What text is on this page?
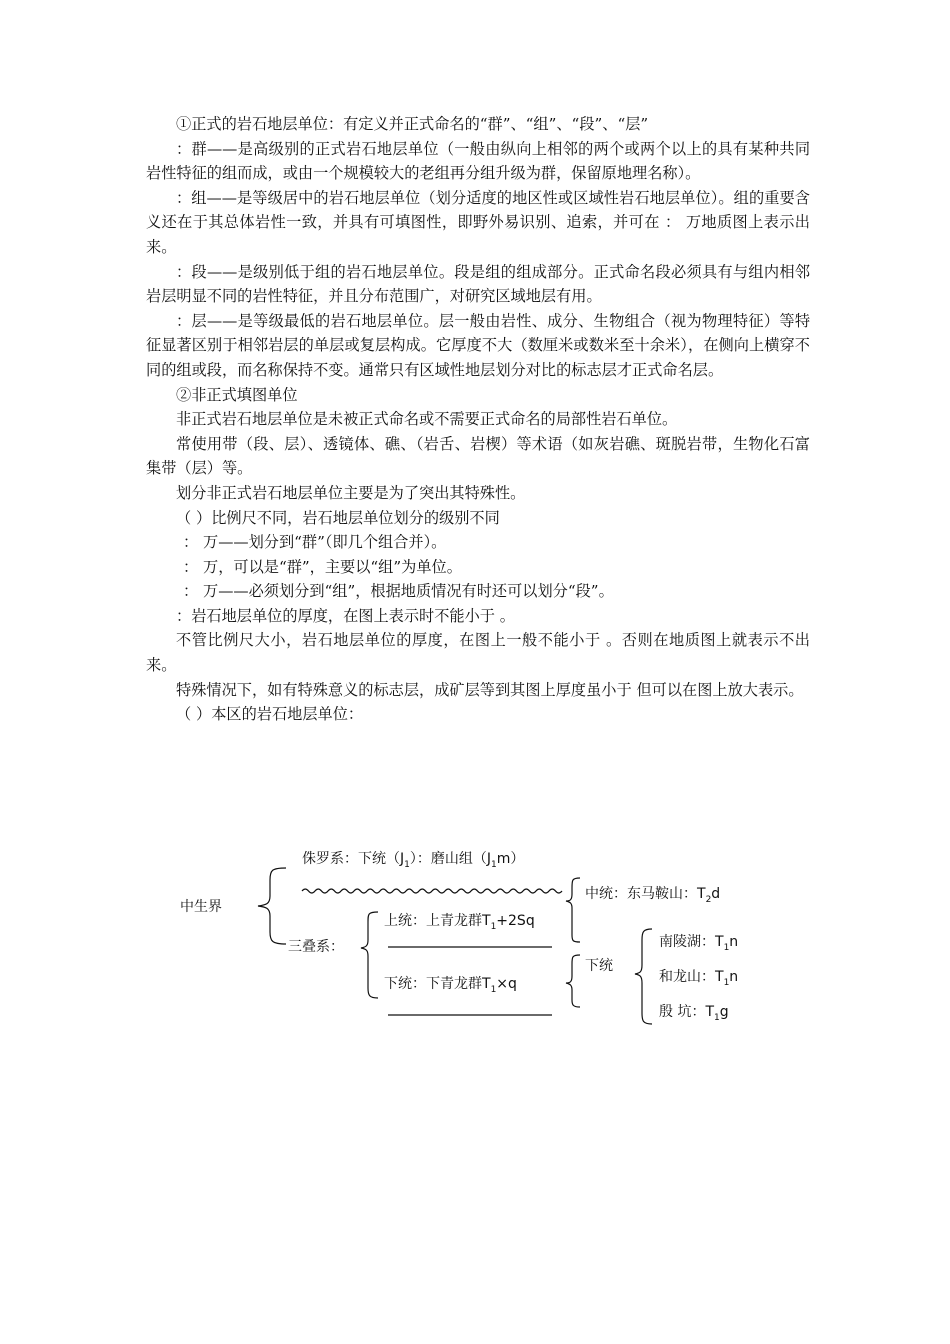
①正式的岩石地层单位：有定义并正式命名的“群”、“组”、“段”、“层”

：群——是高级别的正式岩石地层单位（一般由纵向上相邻的两个或两个以上的具有某种共同岩性特征的组而成，或由一个规模较大的老组再分组升级为群，保留原地理名称）。

：组——是等级居中的岩石地层单位（划分适度的地区性或区域性岩石地层单位）。组的重要含义还在于其总体岩性一致，并具有可填图性，即野外易识别、追索，并可在 ： 万地质图上表示出来。

：段——是级别低于组的岩石地层单位。段是组的组成部分。正式命名段必须具有与组内相邻岩层明显不同的岩性特征，并且分布范围广，对研究区域地层有用。

：层——是等级最低的岩石地层单位。层一般由岩性、成分、生物组合（视为物理特征）等特征显著区别于相邻岩层的单层或复层构成。它厚度不大（数厘米或数米至十余米），在侧向上横穿不同的组或段，而名称保持不变。通常只有区域性地层划分对比的标志层才正式命名层。

②非正式填图单位

非正式岩石地层单位是未被正式命名或不需要正式命名的局部性岩石单位。

常使用带（段、层）、透镜体、礁、（岩舌、岩楔）等术语（如灰岩礁、斑脱岩带，生物化石富集带（层）等。

划分非正式岩石地层单位主要是为了突出其特殊性。

（ ）比例尺不同，岩石地层单位划分的级别不同

： 万——划分到“群”（即几个组合并）。

： 万，可以是“群”，主要以“组”为单位。

： 万——必须划分到“组”，根据地质情况有时还可以划分“段”。

：岩石地层单位的厚度，在图上表示时不能小于 。

不管比例尺大小，岩石地层单位的厚度，在图上一般不能小于 。否则在地质图上就表示不出来。

特殊情况下，如有特殊意义的标志层，成矿层等到其图上厚度虽小于 但可以在图上放大表示。

（ ）本区的岩石地层单位：

中生界
侏罗系：下统$(J_1)$：磨山组$(J_1m)$
中统：东马鞍山：$T_2d$
三叠系：
上统：上青龙群$T_1+2Sq$
下统：下青龙群$T_1\times q$
下统
南陵湖：$T_1n$
和龙山：$T_1n$
殷 坑：$T_1g$
